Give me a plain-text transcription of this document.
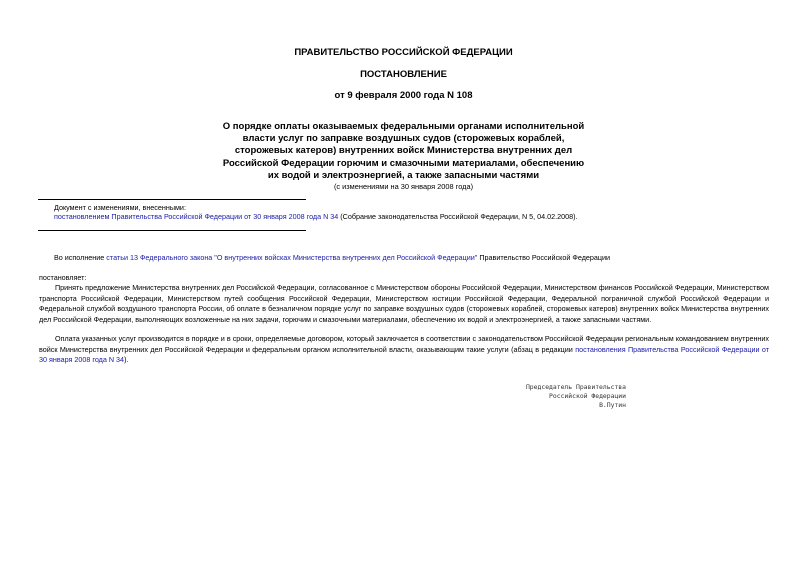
ПРАВИТЕЛЬСТВО РОССИЙСКОЙ ФЕДЕРАЦИИ
ПОСТАНОВЛЕНИЕ
от 9 февраля 2000 года N 108
О порядке оплаты оказываемых федеральными органами исполнительной
власти услуг по заправке воздушных судов (сторожевых кораблей,
сторожевых катеров) внутренних войск Министерства внутренних дел
Российской Федерации горючим и смазочными материалами, обеспечению
их водой и электроэнергией, а также запасными частями
(с изменениями на 30 января 2008 года)
Документ с изменениями, внесенными:
постановлением Правительства Российской Федерации от 30 января 2008 года N 34 (Собрание законодательства Российской Федерации, N 5, 04.02.2008).
Во исполнение статьи 13 Федерального закона "О внутренних войсках Министерства внутренних дел Российской Федерации" Правительство Российской Федерации
постановляет:

Принять предложение Министерства внутренних дел Российской Федерации, согласованное с Министерством обороны Российской Федерации, Министерством финансов Российской Федерации, Министерством транспорта Российской Федерации, Министерством путей сообщения Российской Федерации, Министерством юстиции Российской Федерации, Федеральной пограничной службой Российской Федерации и Федеральной службой воздушного транспорта России, об оплате в безналичном порядке услуг по заправке воздушных судов (сторожевых кораблей, сторожевых катеров) внутренних войск Министерства внутренних дел Российской Федерации, выполняющих возложенные на них задачи, горючим и смазочными материалами, обеспечению их водой и электроэнергией, а также запасными частями.

Оплата указанных услуг производится в порядке и в сроки, определяемые договором, который заключается в соответствии с законодательством Российской Федерации региональным командованием внутренних войск Министерства внутренних дел Российской Федерации и федеральным органом исполнительной власти, оказывающим такие услуги (абзац в редакции постановления Правительства Российской Федерации от 30 января 2008 года N 34).

Председатель Правительства
Российской Федерации
В.Путин
